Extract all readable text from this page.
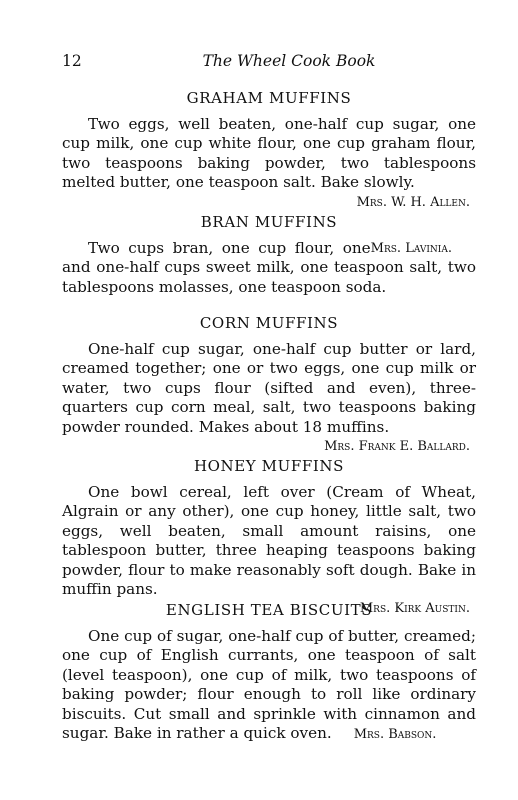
12	The Wheel Cook Book
GRAHAM MUFFINS

Two eggs, well beaten, one-half cup sugar, one cup milk, one cup white flour, one cup graham flour, two teaspoons baking powder, two tablespoons melted butter, one teaspoon salt. Bake slowly.

Mrs. W. H. Allen.
BRAN MUFFINS

Mrs. Lavinia.
Two cups bran, one cup flour, one and one-half cups sweet milk, one teaspoon salt, two tablespoons molasses, one teaspoon soda.

CORN MUFFINS

One-half cup sugar, one-half cup butter or lard, creamed together; one or two eggs, one cup milk or water, two cups flour (sifted and even), three-quarters cup corn meal, salt, two teaspoons baking powder rounded. Makes about 18 muffins.

Mrs. Frank E. Ballard.
HONEY MUFFINS

One bowl cereal, left over (Cream of Wheat, Algrain or any other), one cup honey, little salt, two eggs, well beaten, small amount raisins, one tablespoon butter, three heaping teaspoons baking powder, flour to make reasonably soft dough. Bake in muffin pans.

Mrs. Kirk Austin.
ENGLISH TEA BISCUITS

One cup of sugar, one-half cup of butter, creamed; one cup of English currants, one teaspoon of salt (level teaspoon), one cup of milk, two teaspoons of baking powder; flour enough to roll like ordinary biscuits. Cut small and sprinkle with cinnamon and sugar. Bake in rather a quick oven. Mrs. Babson.
